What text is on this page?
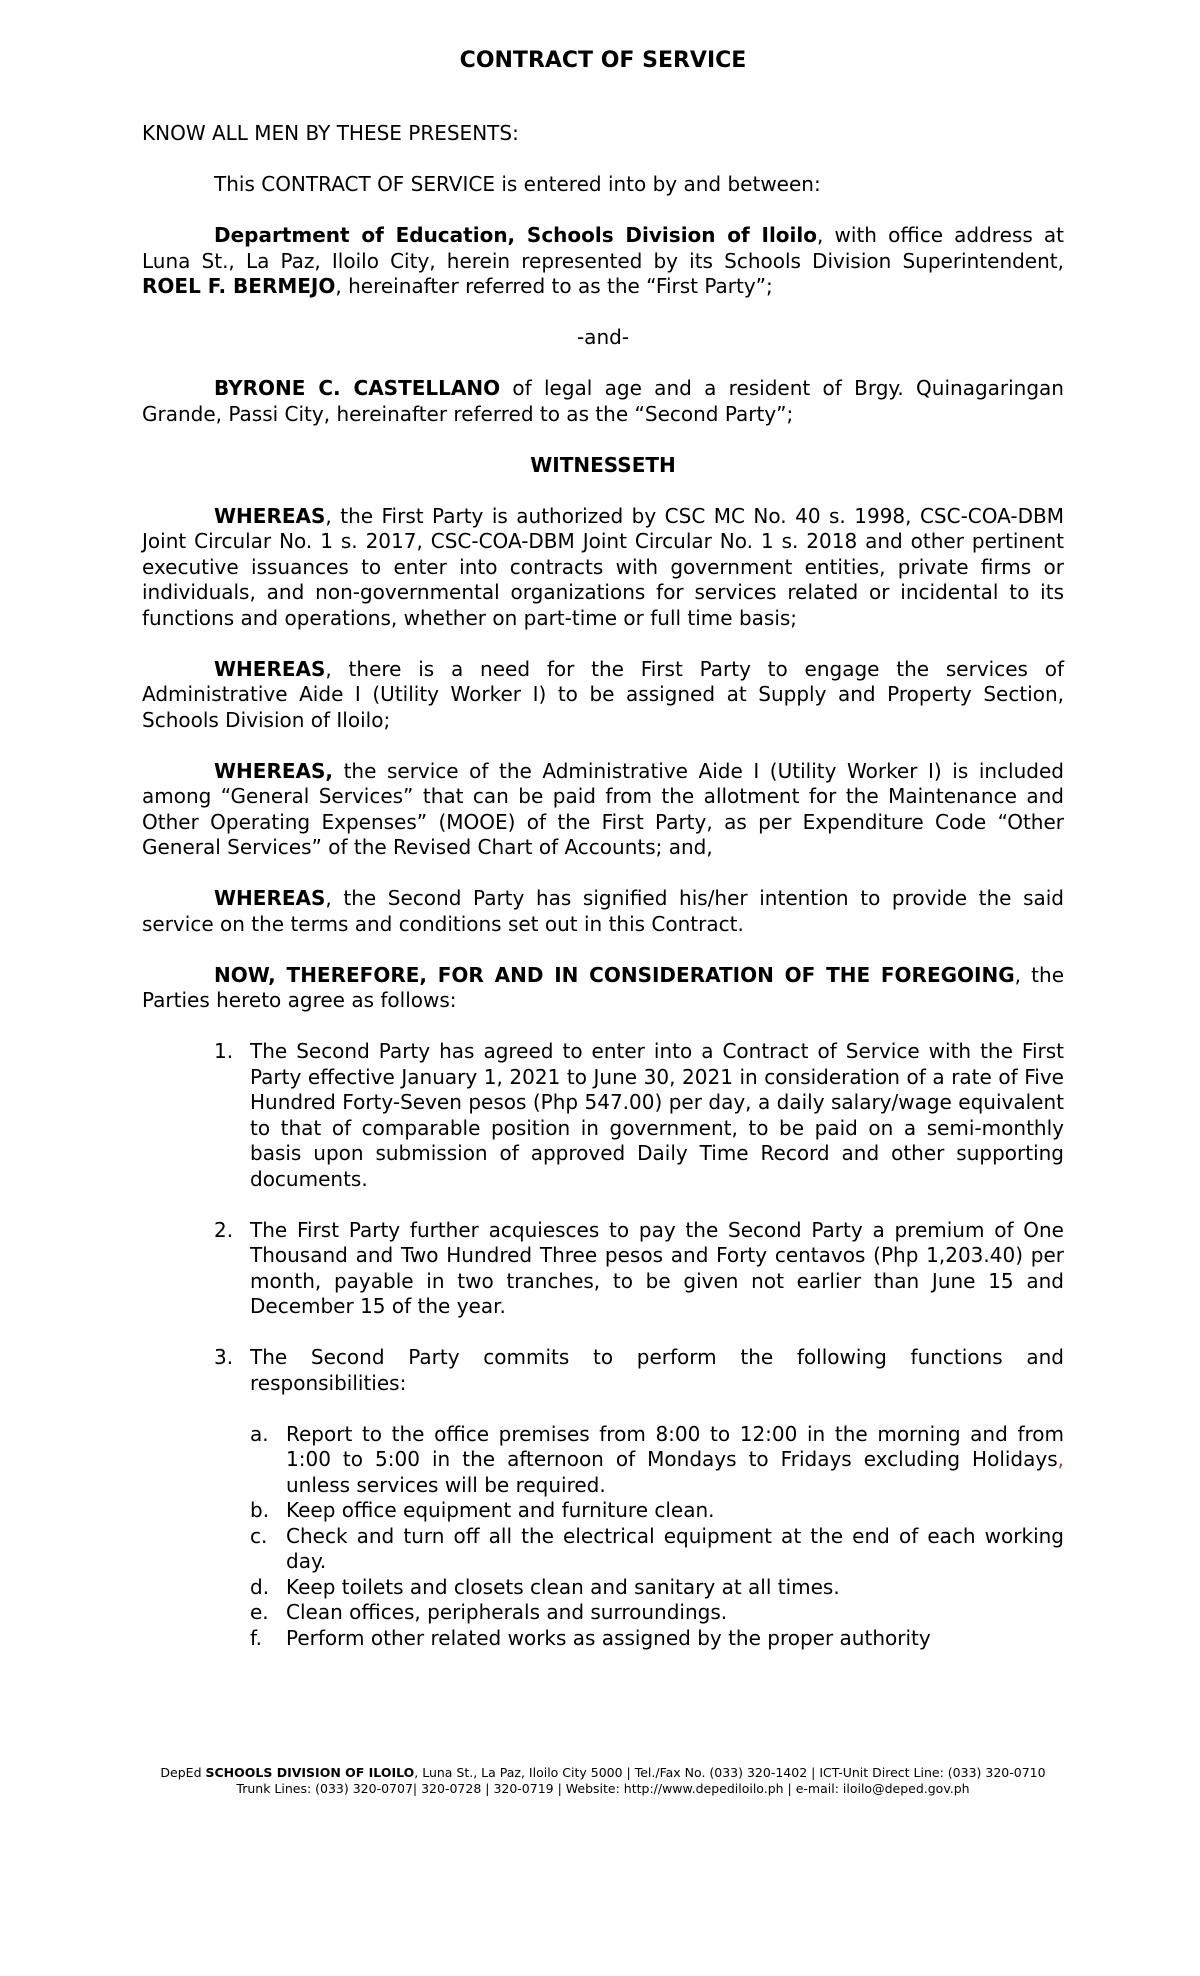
CONTRACT OF SERVICE

KNOW ALL MEN BY THESE PRESENTS:

This CONTRACT OF SERVICE is entered into by and between:

Department of Education, Schools Division of Iloilo, with office address at Luna St., La Paz, Iloilo City, herein represented by its Schools Division Superintendent, ROEL F. BERMEJO, hereinafter referred to as the “First Party”;

-and-

BYRONE C. CASTELLANO of legal age and a resident of Brgy. Quinagaringan Grande, Passi City, hereinafter referred to as the “Second Party”;

WITNESSETH

WHEREAS, the First Party is authorized by CSC MC No. 40 s. 1998, CSC-COA-DBM Joint Circular No. 1 s. 2017, CSC-COA-DBM Joint Circular No. 1 s. 2018 and other pertinent executive issuances to enter into contracts with government entities, private firms or individuals, and non-governmental organizations for services related or incidental to its functions and operations, whether on part-time or full time basis;

WHEREAS, there is a need for the First Party to engage the services of Administrative Aide I (Utility Worker I) to be assigned at Supply and Property Section, Schools Division of Iloilo;

WHEREAS, the service of the Administrative Aide I (Utility Worker I) is included among “General Services” that can be paid from the allotment for the Maintenance and Other Operating Expenses” (MOOE) of the First Party, as per Expenditure Code “Other General Services” of the Revised Chart of Accounts; and,

WHEREAS, the Second Party has signified his/her intention to provide the said service on the terms and conditions set out in this Contract.

NOW, THEREFORE, FOR AND IN CONSIDERATION OF THE FOREGOING, the Parties hereto agree as follows:

1. The Second Party has agreed to enter into a Contract of Service with the First Party effective January 1, 2021 to June 30, 2021 in consideration of a rate of Five Hundred Forty-Seven pesos (Php 547.00) per day, a daily salary/wage equivalent to that of comparable position in government, to be paid on a semi-monthly basis upon submission of approved Daily Time Record and other supporting documents.
2. The First Party further acquiesces to pay the Second Party a premium of One Thousand and Two Hundred Three pesos and Forty centavos (Php 1,203.40) per month, payable in two tranches, to be given not earlier than June 15 and December 15 of the year.
3. The Second Party commits to perform the following functions and responsibilities:
a. Report to the office premises from 8:00 to 12:00 in the morning and from 1:00 to 5:00 in the afternoon of Mondays to Fridays excluding Holidays, unless services will be required.
b. Keep office equipment and furniture clean.
c. Check and turn off all the electrical equipment at the end of each working day.
d. Keep toilets and closets clean and sanitary at all times.
e. Clean offices, peripherals and surroundings.
f.	Perform other related works as assigned by the proper authority
DepEd SCHOOLS DIVISION OF ILOILO, Luna St., La Paz, Iloilo City 5000 | Tel./Fax No. (033) 320-1402 | ICT-Unit Direct Line: (033) 320-0710
Trunk Lines: (033) 320-0707| 320-0728 | 320-0719 | Website: http://www.depediloilo.ph | e-mail: iloilo@deped.gov.ph
